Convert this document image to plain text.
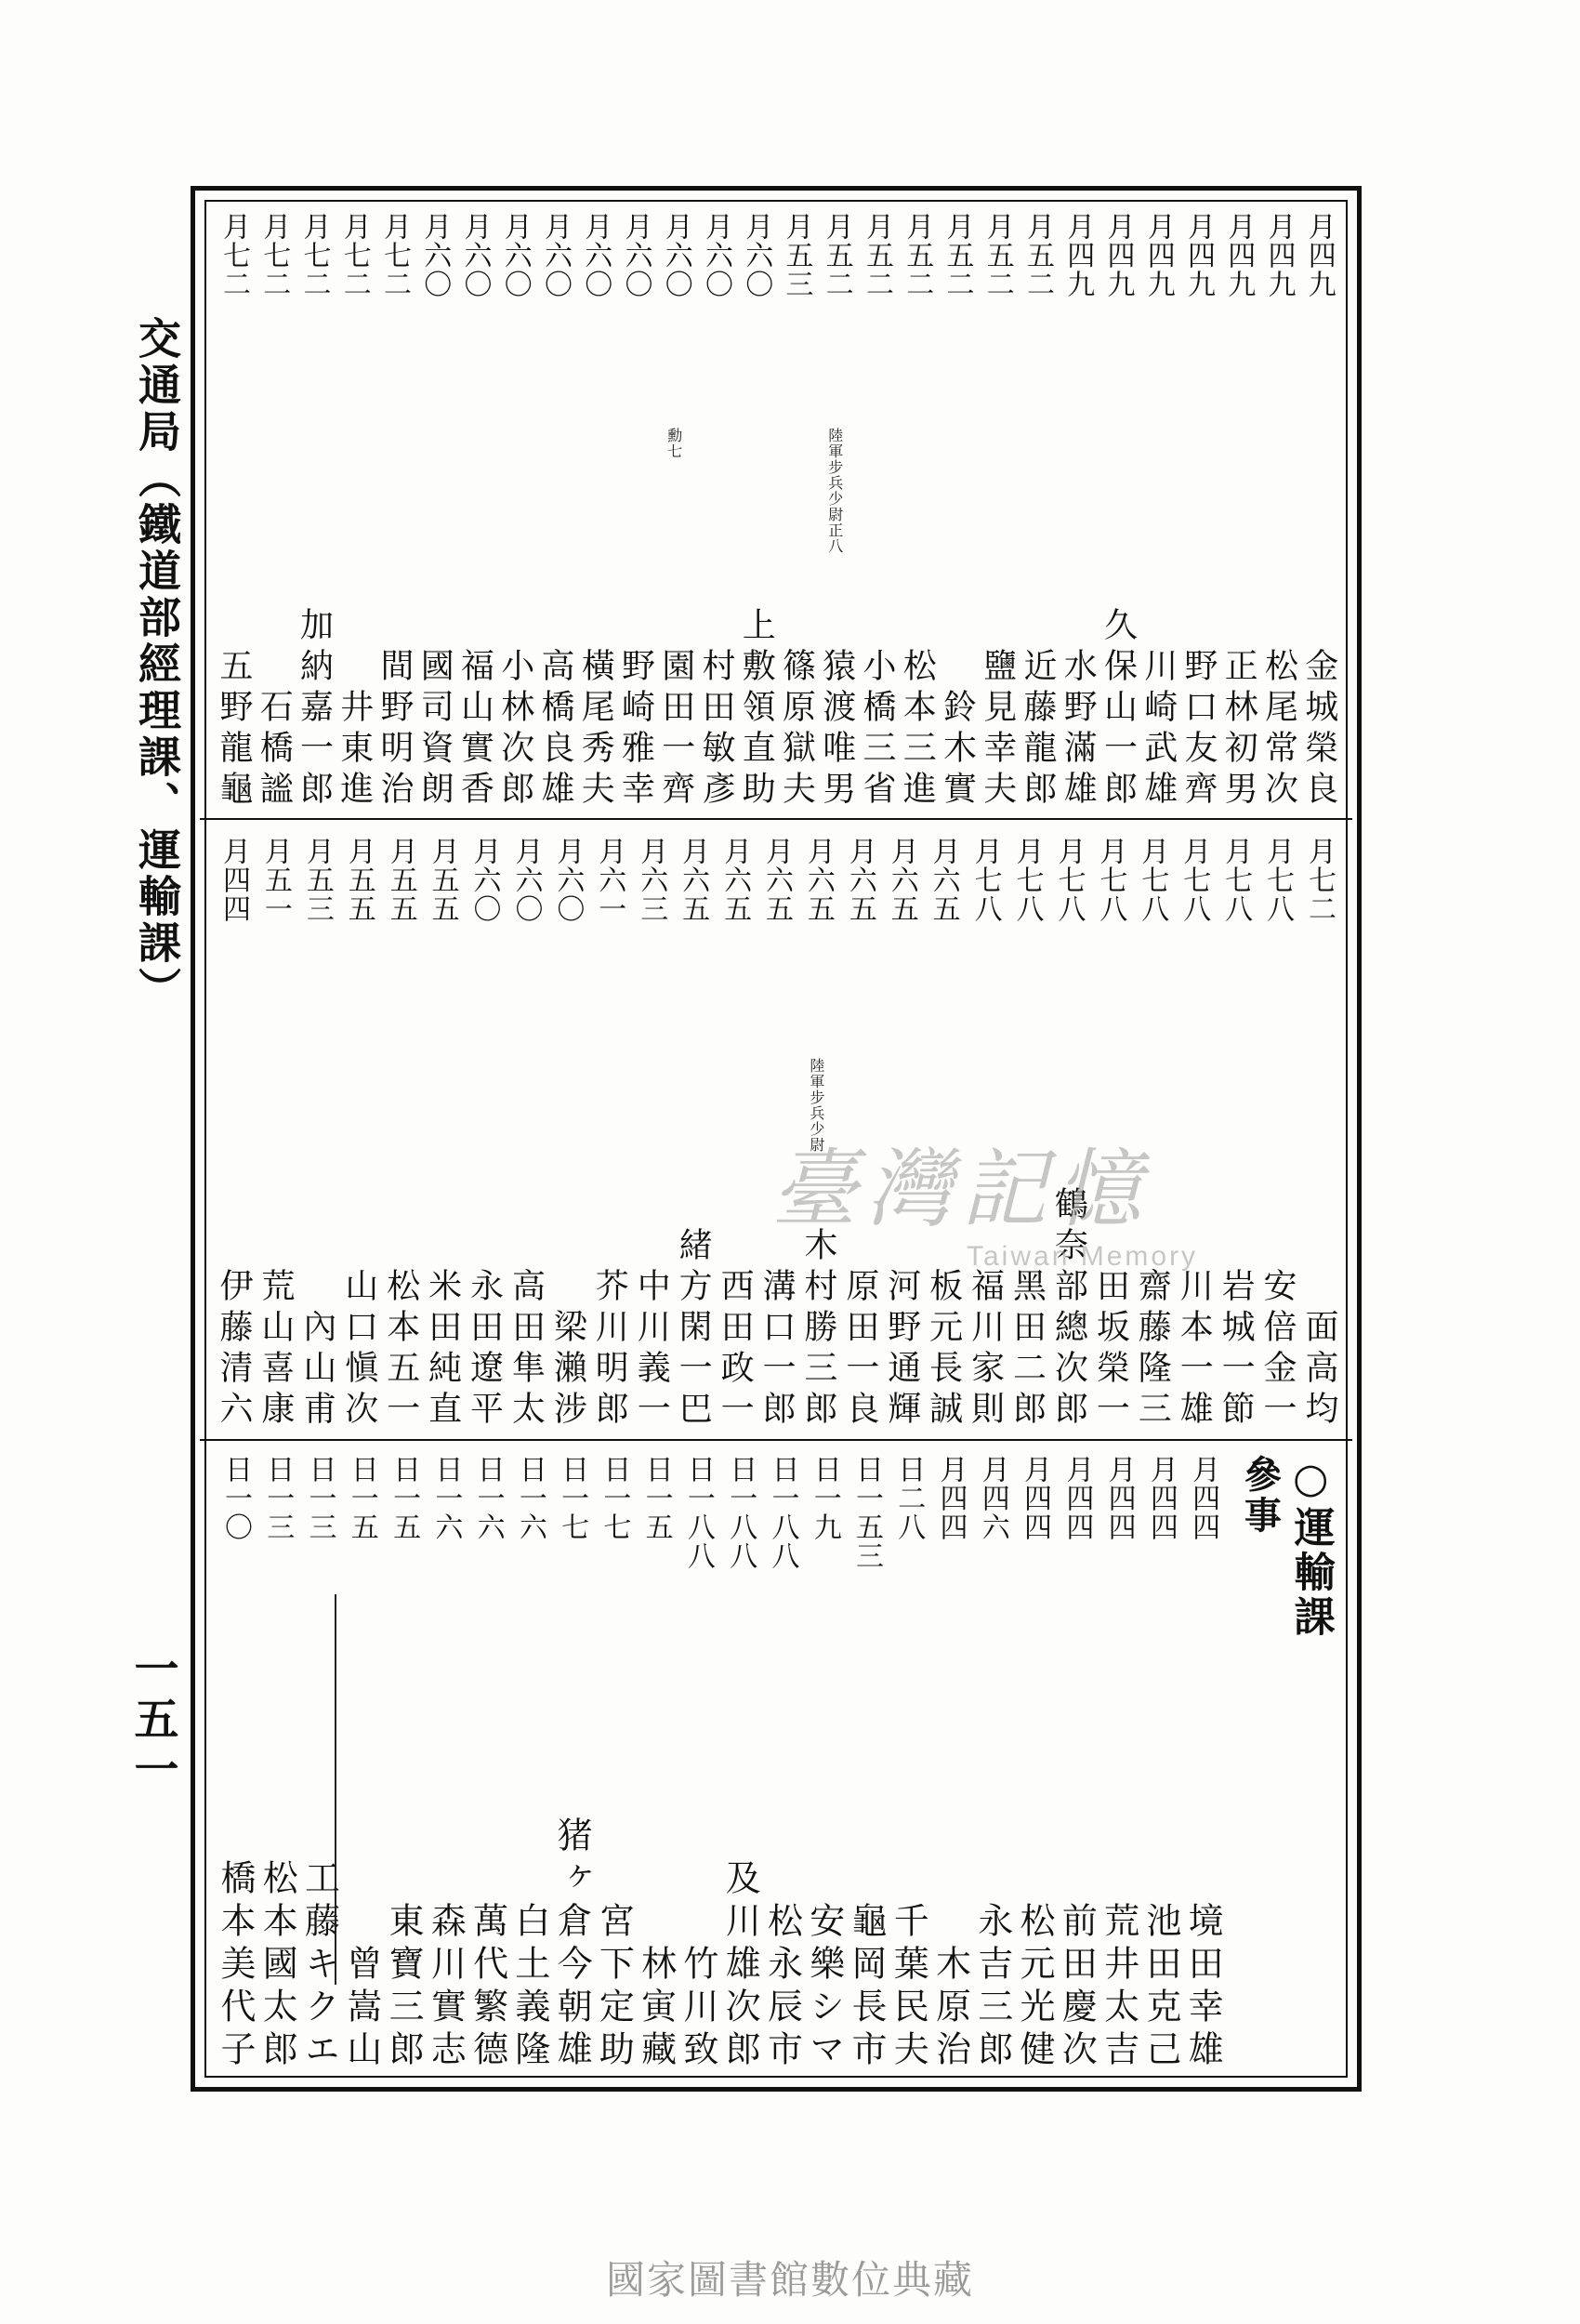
交通局（鐵道部經理課、運輸課）
一五一
月四九
金城榮良
月四九
松尾常次
月四九
正林初男
月四九
野口友齊
月四九
川崎武雄
月四九
久保山一郎
月四九
水野滿雄
月五二
近藤龍郎
月五二
鹽見幸夫
月五二
鈴木實
月五二
松本三進
月五二
小橋三省
月五二
陸軍步兵少尉正八
猿渡唯男
月五三
篠原獄夫
月六〇
上敷領直助
月六〇
村田敏彥
月六〇
勳七
園田一齊
月六〇
野崎雅幸
月六〇
橫尾秀夫
月六〇
高橋良雄
月六〇
小林次郎
月六〇
福山實香
月六〇
國司資朗
月七二
間野明治
月七二
井東進
月七二
加納嘉一郎
月七二
石橋謐
月七二
五野龍龜
月七二
面高均
月七八
安倍金一
月七八
岩城一節
月七八
川本一雄
月七八
齋藤隆三
月七八
田坂榮一
月七八
鶴奈部總次郎
月七八
黑田二郎
月七八
福川家則
月六五
板元長誠
月六五
河野通輝
月六五
原田一良
月六五
陸軍步兵少尉
木村勝三郎
月六五
溝口一郎
月六五
西田政一
月六五
緒方閑一巴
月六三
中川義一
月六一
芥川明郎
月六〇
梁瀨涉
月六〇
高田隼太
月六〇
永田遼平
月五五
米田純直
月五五
松本五一
月五五
山口愼次
月五三
內山甫
月五一
荒山喜康
月四四
伊藤清六
○運輸課
參事
月四四
境田幸雄
月四四
池田克己
月四四
荒井太吉
月四四
前田慶次
月四四
松元光健
月四六
永吉三郎
月四四
木原治
日二八
千葉民夫
日一五三
龜岡長市
日一九
安樂シマ
日一八八
松永辰市
日一八八
及川雄次郎
日一八八
竹川致
日一五
林寅藏
日一七
宮下定助
日一七
猪ヶ倉今朝雄
日一六
白土義隆
日一六
萬代繁德
日一六
森川實志
日一五
東寶三郎
日一五
曾嵩山
日一三
工藤キクエ
日一三
松本國太郎
日一〇
橋本美代子
臺灣記憶
Taiwan Memory
國家圖書館數位典藏
